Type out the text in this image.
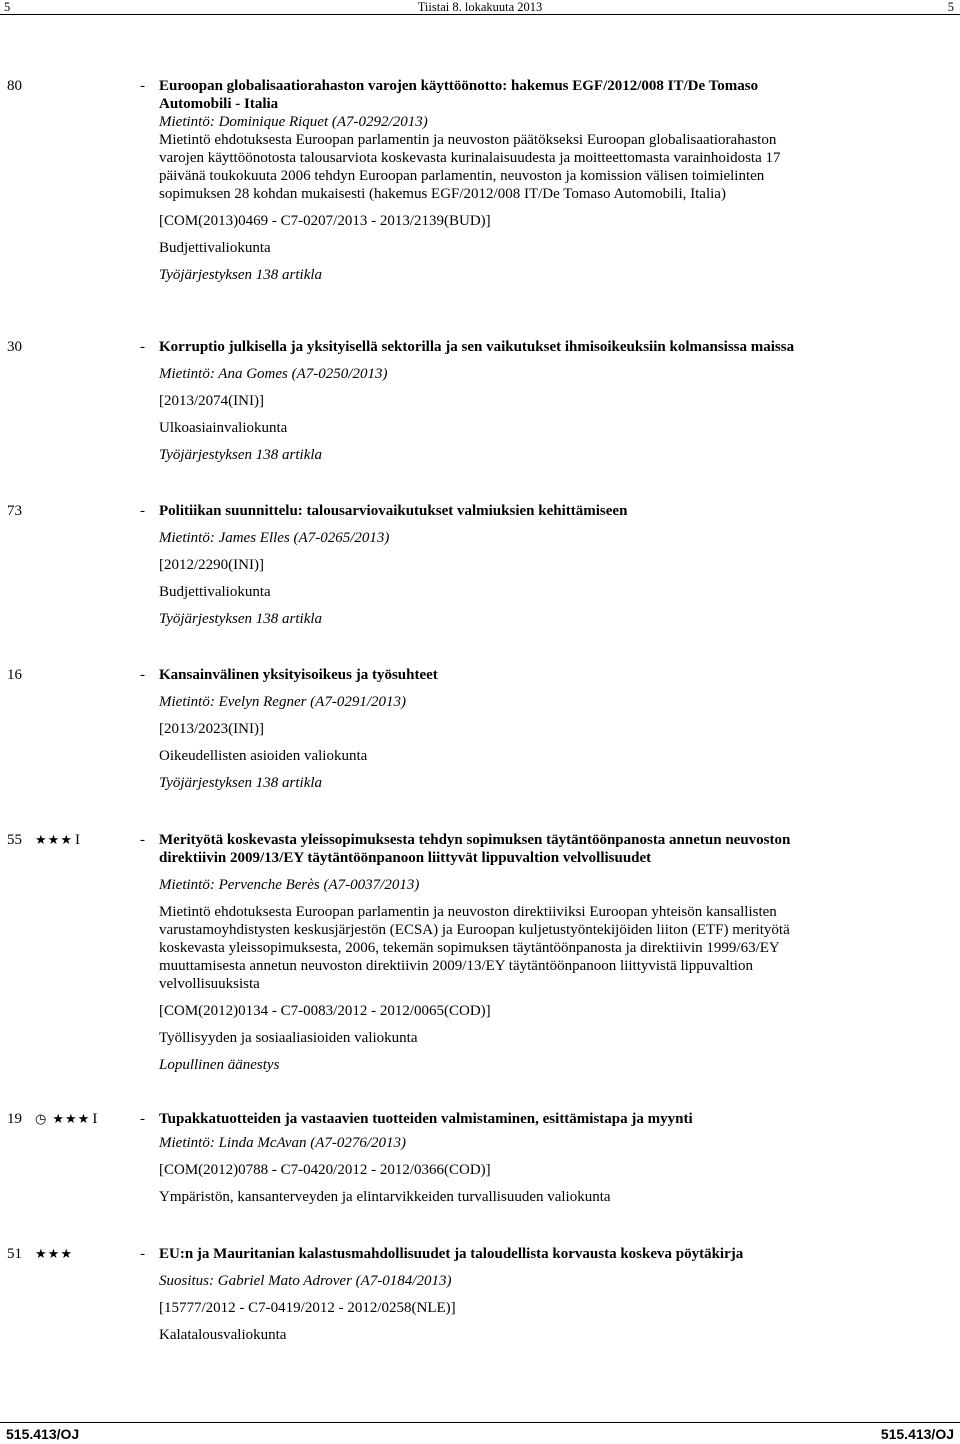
5	Tiistai 8. lokakuuta 2013	5
80	- Euroopan globalisaatiorahaston varojen käyttöönotto: hakemus EGF/2012/008 IT/De Tomaso
Automobili - Italia
Mietintö: Dominique Riquet (A7-0292/2013)
Mietintö ehdotuksesta Euroopan parlamentin ja neuvoston päätökseksi Euroopan globalisaatiorahaston
varojen käyttöönotosta talousarviota koskevasta kurinalaisuudesta ja moitteettomasta varainhoidosta 17
päivänä toukokuuta 2006 tehdyn Euroopan parlamentin, neuvoston ja komission välisen toimielinten
sopimuksen 28 kohdan mukaisesti (hakemus EGF/2012/008 IT/De Tomaso Automobili, Italia)
[COM(2013)0469 - C7-0207/2013 - 2013/2139(BUD)]
Budjettivaliokunta
Työjärjestyksen 138 artikla
30	- Korruptio julkisella ja yksityisellä sektorilla ja sen vaikutukset ihmisoikeuksiin kolmansissa maissa
Mietintö: Ana Gomes (A7-0250/2013)
[2013/2074(INI)]
Ulkoasiainvaliokunta
Työjärjestyksen 138 artikla
73	- Politiikan suunnittelu: talousarviovaikutukset valmiuksien kehittämiseen
Mietintö: James Elles (A7-0265/2013)
[2012/2290(INI)]
Budjettivaliokunta
Työjärjestyksen 138 artikla
16	- Kansainvälinen yksityisoikeus ja työsuhteet
Mietintö: Evelyn Regner (A7-0291/2013)
[2013/2023(INI)]
Oikeudellisten asioiden valiokunta
Työjärjestyksen 138 artikla
55 ★★★ I	- Merityötä koskevasta yleissopimuksesta tehdyn sopimuksen täytäntöönpanosta annetun neuvoston
direktiivin 2009/13/EY täytäntöönpanoon liittyvät lippuvaltion velvollisuudet
Mietintö: Pervenche Berès (A7-0037/2013)
Mietintö ehdotuksesta Euroopan parlamentin ja neuvoston direktiiviksi Euroopan yhteisön kansallisten
varustamoyhdistysten keskusjärjestön (ECSA) ja Euroopan kuljetustyöntekijöiden liiton (ETF) merityötä
koskevasta yleissopimuksesta, 2006, tekemän sopimuksen täytäntöönpanosta ja direktiivin 1999/63/EY
muuttamisesta annetun neuvoston direktiivin 2009/13/EY täytäntöönpanoon liittyvistä lippuvaltion
velvollisuuksista
[COM(2012)0134 - C7-0083/2012 - 2012/0065(COD)]
Työllisyyden ja sosiaaliasioiden valiokunta
Lopullinen äänestys
19 ◷ ★★★ I	- Tupakkatuotteiden ja vastaavien tuotteiden valmistaminen, esittämistapa ja myynti
Mietintö: Linda McAvan (A7-0276/2013)
[COM(2012)0788 - C7-0420/2012 - 2012/0366(COD)]
Ympäristön, kansanterveyden ja elintarvikkeiden turvallisuuden valiokunta
51 ★★★	- EU:n ja Mauritanian kalastusmahdollisuudet ja taloudellista korvausta koskeva pöytäkirja
Suositus: Gabriel Mato Adrover (A7-0184/2013)
[15777/2012 - C7-0419/2012 - 2012/0258(NLE)]
Kalatalousvaliokunta
515.413/OJ	515.413/OJ
